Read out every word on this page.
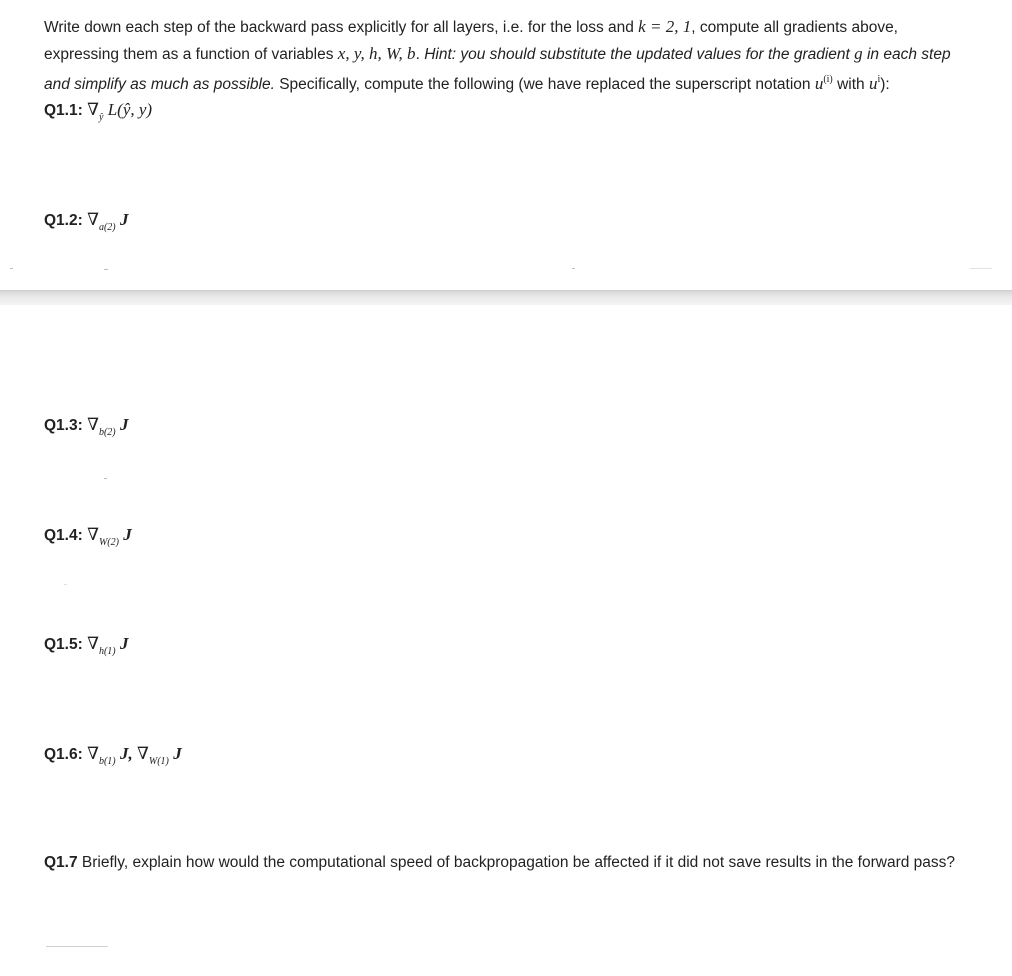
Write down each step of the backward pass explicitly for all layers, i.e. for the loss and k = 2, 1, compute all gradients above, expressing them as a function of variables x, y, h, W, b. Hint: you should substitute the updated values for the gradient g in each step and simplify as much as possible. Specifically, compute the following (we have replaced the superscript notation $u^{(i)}$ with $u^i$):

Q1.1: $\nabla_ŷ$ L(ŷ, y)

Q1.2: $\nabla_{a(2)}$ J

Q1.3: $\nabla_{b(2)}$ J

Q1.4: $\nabla_{W(2)}$ J

Q1.5: $\nabla_{h(1)}$ J

Q1.6: $\nabla_{b(1)}$ J, $\nabla_{W(1)}$ J

Q1.7 Briefly, explain how would the computational speed of backpropagation be affected if it did not save results in the forward pass?
